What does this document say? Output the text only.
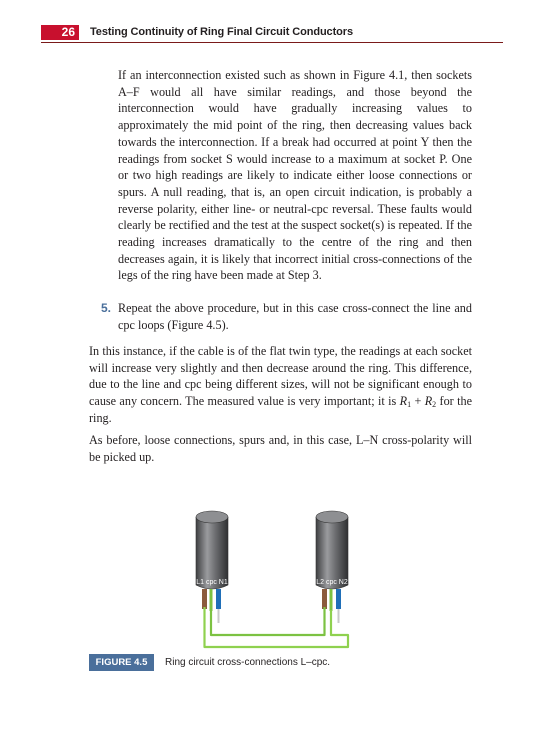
26	Testing Continuity of Ring Final Circuit Conductors

If an interconnection existed such as shown in Figure 4.1, then sockets A–F would all have similar readings, and those beyond the interconnection would have gradually increasing values to approximately the mid point of the ring, then decreasing values back towards the interconnection. If a break had occurred at point Y then the readings from socket S would increase to a maximum at socket P. One or two high readings are likely to indicate either loose connections or spurs. A null reading, that is, an open circuit indication, is probably a reverse polarity, either line- or neutral-cpc reversal. These faults would clearly be rectified and the test at the suspect socket(s) is repeated. If the reading increases dramatically to the centre of the ring and then decreases again, it is likely that incorrect initial cross-connections of the legs of the ring have been made at Step 3.

5. Repeat the above procedure, but in this case cross-connect the line and cpc loops (Figure 4.5).

In this instance, if the cable is of the flat twin type, the readings at each socket will increase very slightly and then decrease around the ring. This difference, due to the line and cpc being different sizes, will not be significant enough to cause any concern. The measured value is very important; it is $R_1 + R_2$ for the ring.

As before, loose connections, spurs and, in this case, L–N cross-polarity will be picked up.

L1 cpc N1	L2 cpc N2
FIGURE 4.5	Ring circuit cross-connections L–cpc.
